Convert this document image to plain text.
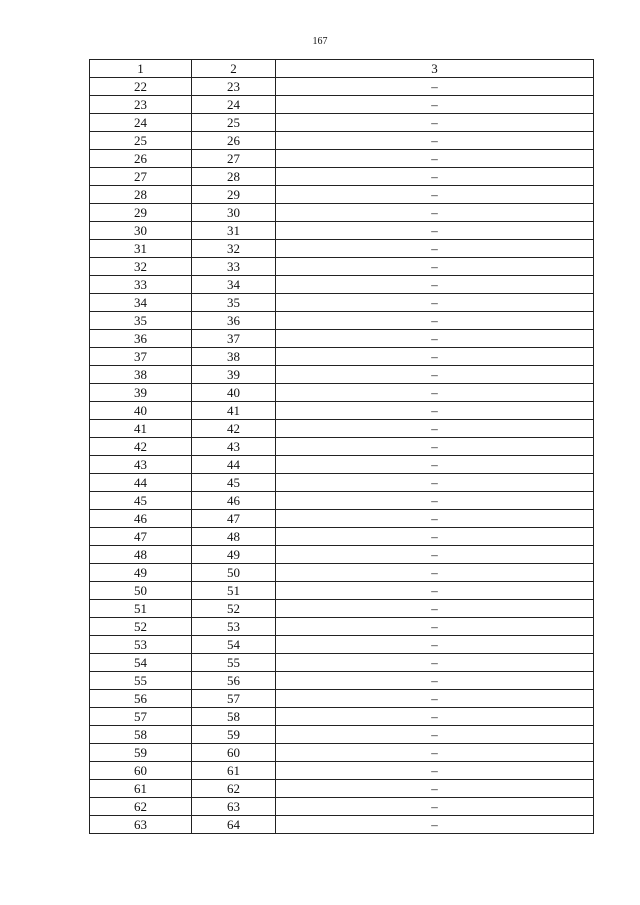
167
1	2	3
22	23	–
23	24	–
24	25	–
25	26	–
26	27	–
27	28	–
28	29	–
29	30	–
30	31	–
31	32	–
32	33	–
33	34	–
34	35	–
35	36	–
36	37	–
37	38	–
38	39	–
39	40	–
40	41	–
41	42	–
42	43	–
43	44	–
44	45	–
45	46	–
46	47	–
47	48	–
48	49	–
49	50	–
50	51	–
51	52	–
52	53	–
53	54	–
54	55	–
55	56	–
56	57	–
57	58	–
58	59	–
59	60	–
60	61	–
61	62	–
62	63	–
63	64	–
